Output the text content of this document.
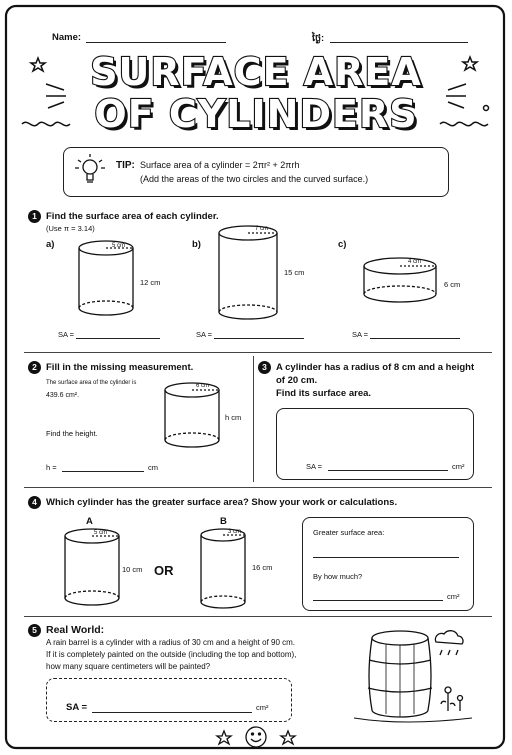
Name:	ថ្ងៃ:
SURFACE AREA
OF CYLINDERS
TIP: Surface area of a cylinder = 2πr² + 2πrh
(Add the areas of the two circles and the curved surface.)
1 Find the surface area of each cylinder.
(Use π = 3.14)
a)	5 cm
12 cm
SA =
b)
7 cm
15 cm
SA =
c)
4 cm
6 cm
SA =
2 Fill in the missing measurement.
The surface area of the cylinder is
439.6 cm².
Find the height.
6 cm
h cm
h =	cm
3 A cylinder has a radius of 8 cm and a height
of 20 cm.
Find its surface area.
SA =	cm²
4 Which cylinder has the greater surface area? Show your work or calculations.
A
5 cm
10 cm OR
B
3 cm
16 cm
Greater surface area:
By how much?
cm²
5 Real World:
A rain barrel is a cylinder with a radius of 30 cm and a height of 90 cm.
If it is completely painted on the outside (including the top and bottom),
how many square centimeters will be painted?
SA =	cm²
